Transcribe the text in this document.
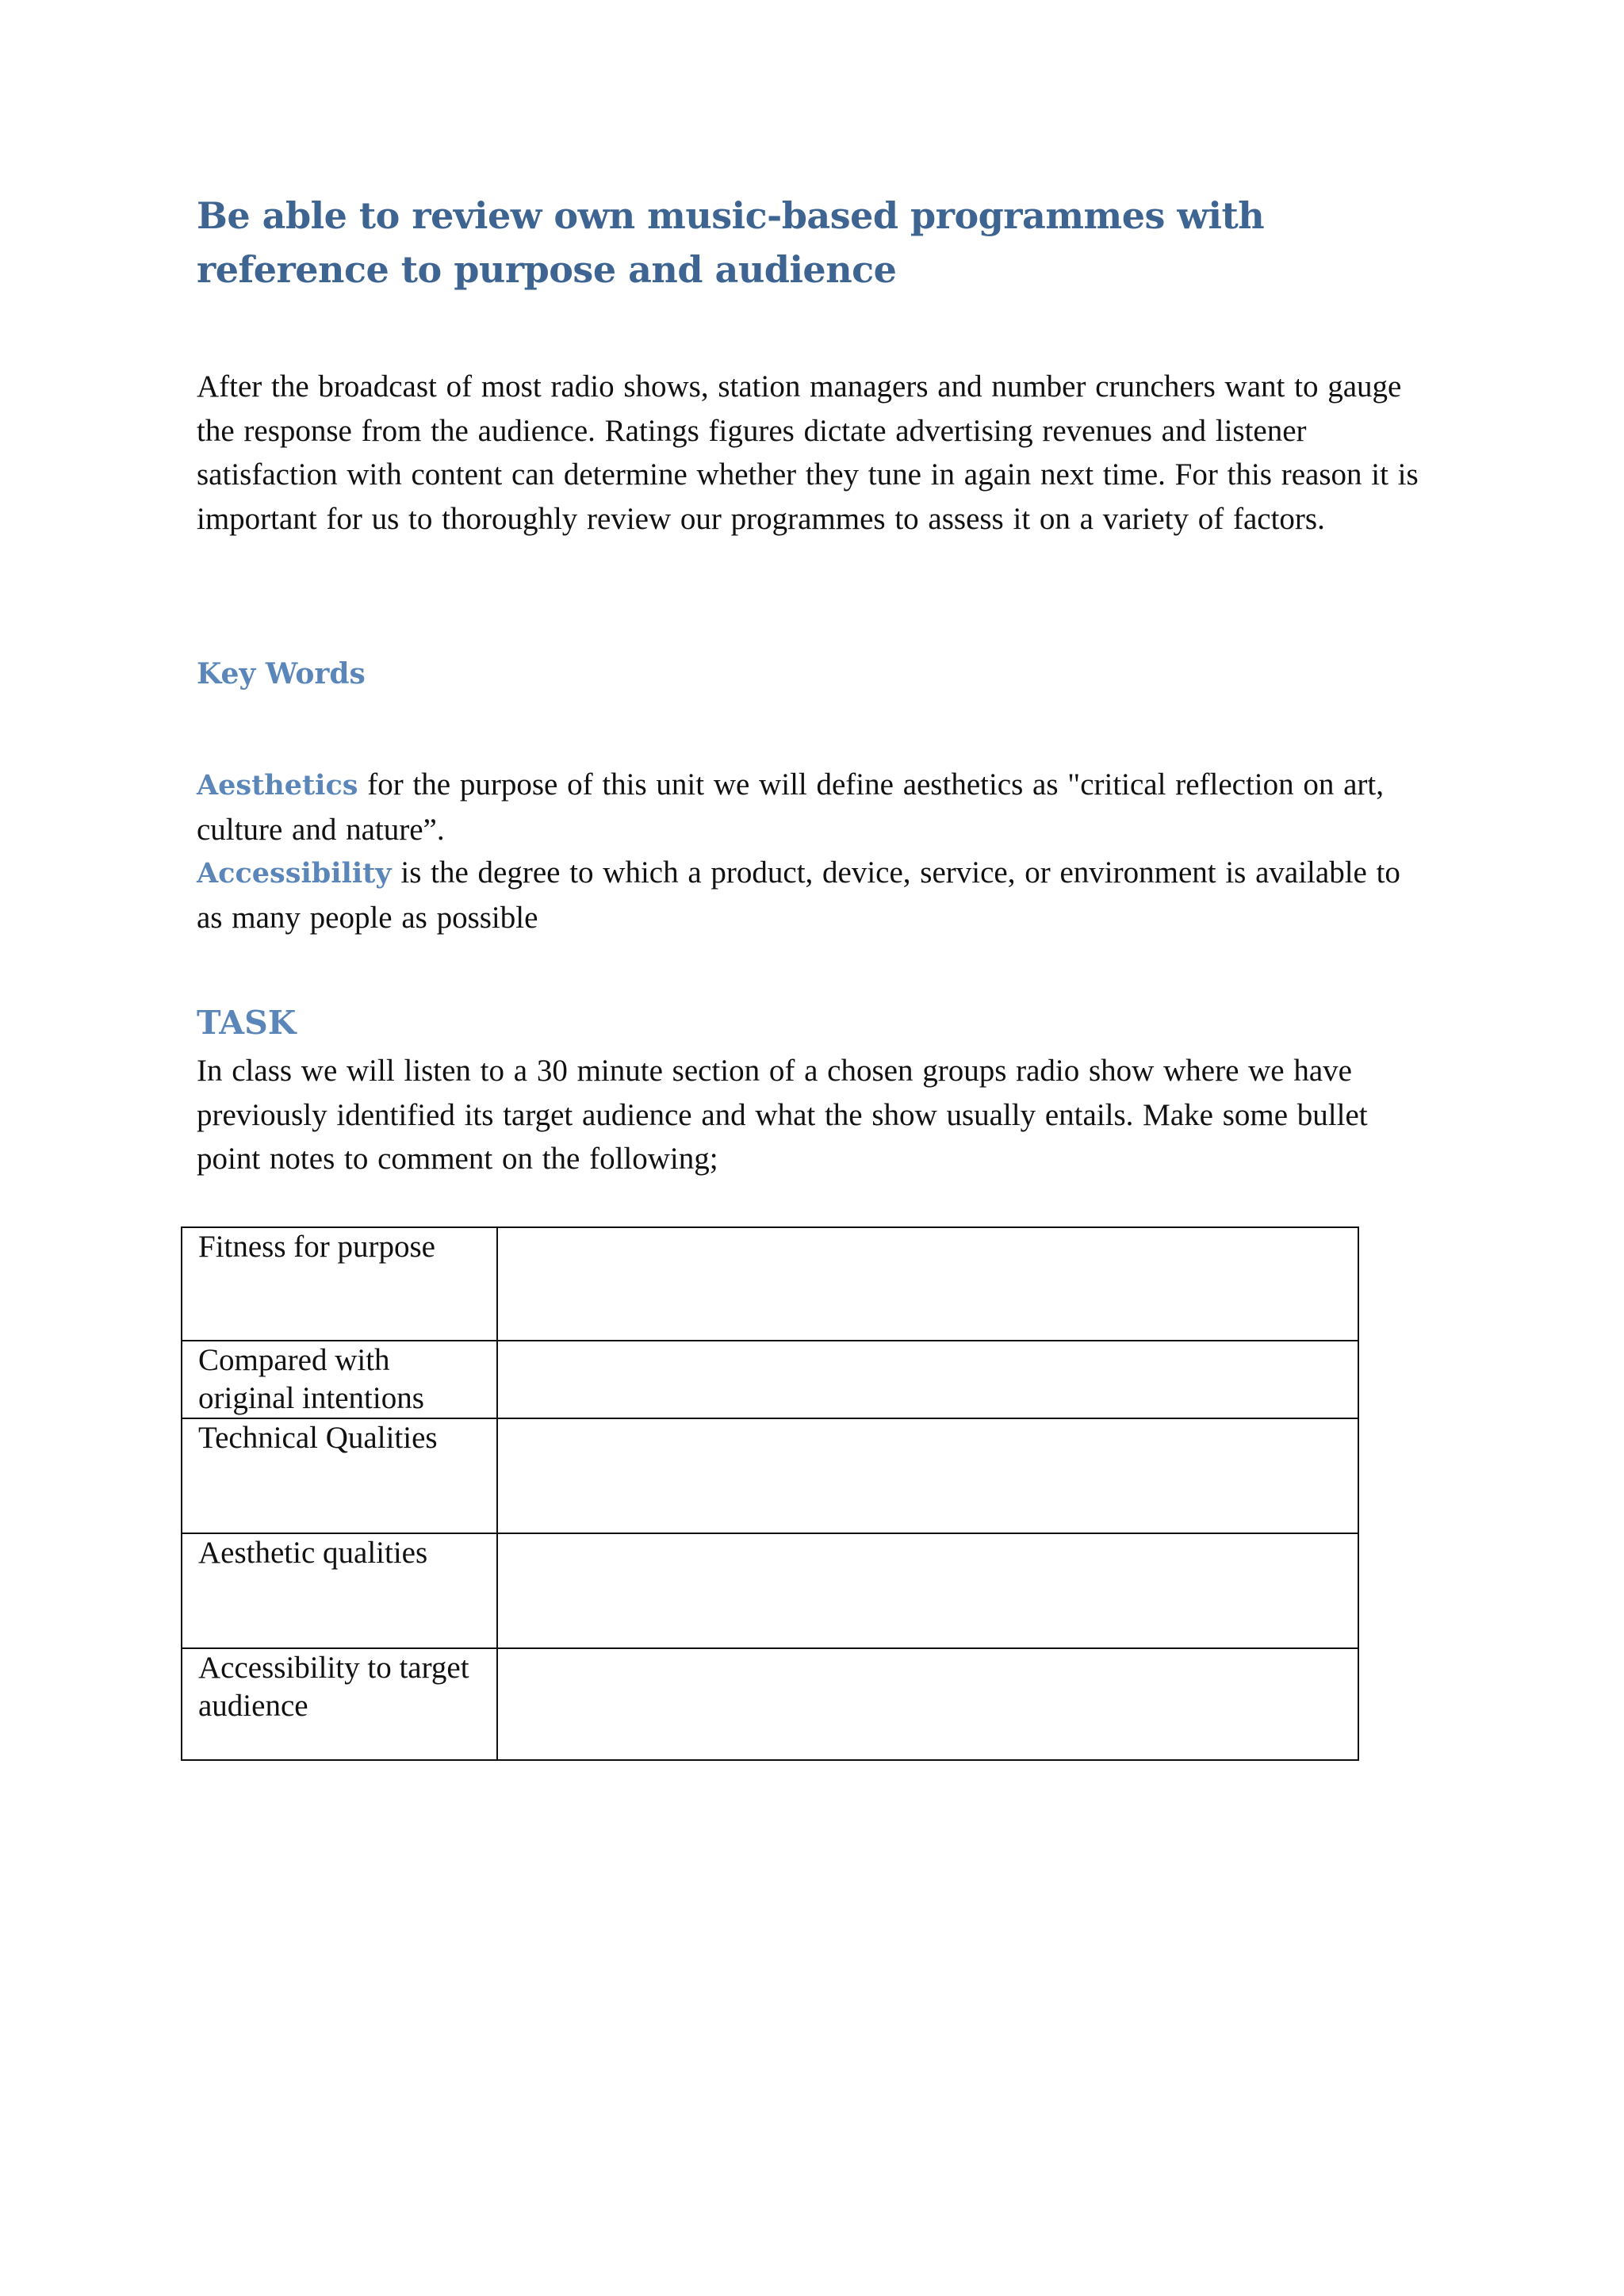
Be able to review own music-based programmes with reference to purpose and audience

After the broadcast of most radio shows, station managers and number crunchers want to gauge the response from the audience. Ratings figures dictate advertising revenues and listener satisfaction with content can determine whether they tune in again next time. For this reason it is important for us to thoroughly review our programmes to assess it on a variety of factors.

Key Words

Aesthetics for the purpose of this unit we will define aesthetics as "critical reflection on art, culture and nature”.

Accessibility is the degree to which a product, device, service, or environment is available to as many people as possible

TASK

In class we will listen to a 30 minute section of a chosen groups radio show where we have previously identified its target audience and what the show usually entails. Make some bullet point notes to comment on the following;

Fitness for purpose	
Compared with original intentions	
Technical Qualities	
Aesthetic qualities	
Accessibility to target audience	
